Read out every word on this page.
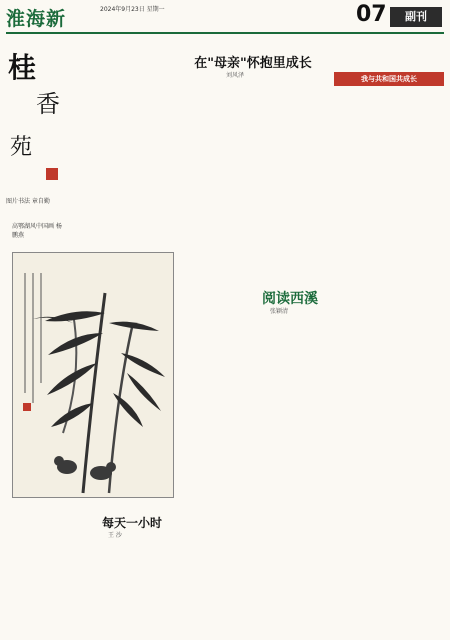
淮海新	2024年9月23日 星期一	07	副刊
桂
香
苑
图片书法 章自勤
高鄂湖风中国画 杨鹏燕
每天一小时
王 沙
在"母亲"怀抱里成长
刘风泽	我与共和国共成长
阅读西溪
张颖清
